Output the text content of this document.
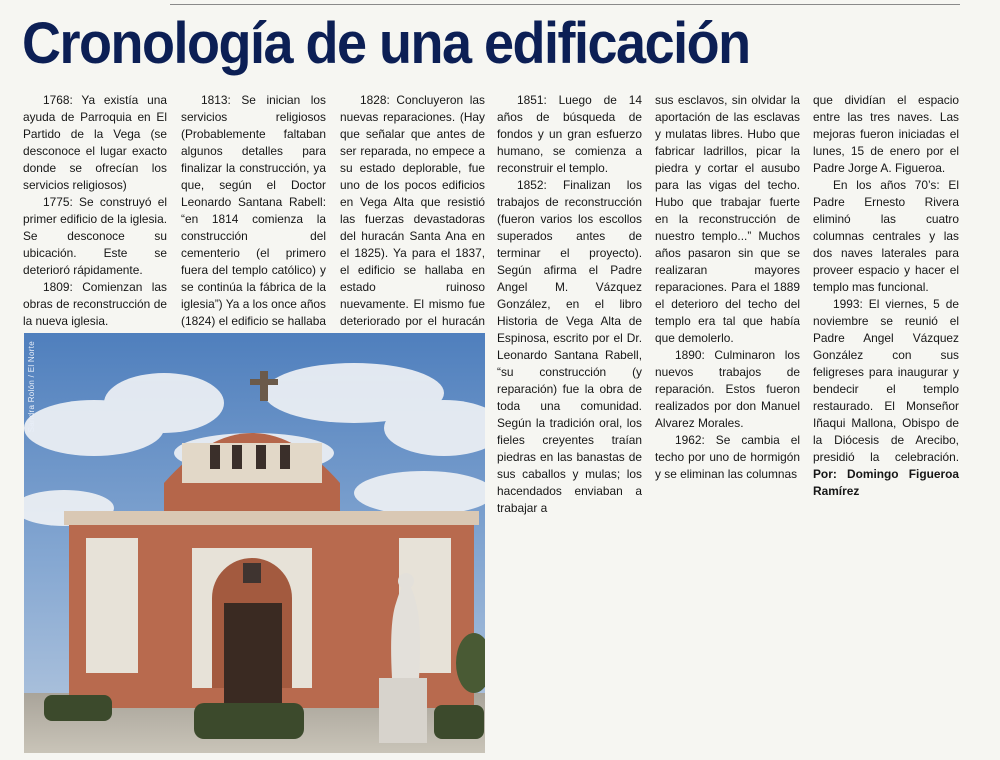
Cronología de una edificación

1768: Ya existía una ayuda de Parroquia en El Partido de la Vega (se desconoce el lugar exacto donde se ofrecían los servicios religiosos)

1775: Se construyó el primer edificio de la iglesia. Se desconoce su ubicación. Este se deterioró rápidamente.

1809: Comienzan las obras de reconstrucción de la nueva iglesia.

1813: Se inician los servicios religiosos (Probablemente faltaban algunos detalles para finalizar la construcción, ya que, según el Doctor Leonardo Santana Rabell: “en 1814 comienza la construcción del cementerio (el primero fuera del templo católico) y se continúa la fábrica de la iglesia”) Ya a los once años (1824) el edificio se hallaba

1828: Concluyeron las nuevas reparaciones. (Hay que señalar que antes de ser reparada, no empece a su estado deplorable, fue uno de los pocos edificios en Vega Alta que resistió las fuerzas devastadoras del huracán Santa Ana en el 1825). Ya para el 1837, el edificio se hallaba en estado ruinoso nuevamente. El mismo fue deteriorado por el huracán

1851: Luego de 14 años de búsqueda de fondos y un gran esfuerzo humano, se comienza a reconstruir el templo.

1852: Finalizan los trabajos de reconstrucción (fueron varios los escollos superados antes de terminar el proyecto). Según afirma el Padre Angel M. Vázquez González, en el libro Historia de Vega Alta de Espinosa, escrito por el Dr. Leonardo Santana Rabell, “su construcción (y reparación) fue la obra de toda una comunidad. Según la tradición oral, los fieles creyentes traían piedras en las banastas de sus caballos y mulas; los hacendados enviaban a trabajar a

sus esclavos, sin olvidar la aportación de las esclavas y mulatas libres. Hubo que fabricar ladrillos, picar la piedra y cortar el ausubo para las vigas del techo. Hubo que trabajar fuerte en la reconstrucción de nuestro templo...” Muchos años pasaron sin que se realizaran mayores reparaciones. Para el 1889 el deterioro del techo del templo era tal que había que demolerlo.

1890: Culminaron los nuevos trabajos de reparación. Estos fueron realizados por don Manuel Alvarez Morales.

1962: Se cambia el techo por uno de hormigón y se eliminan las columnas

que dividían el espacio entre las tres naves. Las mejoras fueron iniciadas el lunes, 15 de enero por el Padre Jorge A. Figueroa.

En los años 70’s: El Padre Ernesto Rivera eliminó las cuatro columnas centrales y las dos naves laterales para proveer espacio y hacer el templo mas funcional.

1993: El viernes, 5 de noviembre se reunió el Padre Angel Vázquez González con sus feligreses para inaugurar y bendecir el templo restaurado. El Monseñor Iñaqui Mallona, Obispo de la Diócesis de Arecibo, presidió la celebración. Por: Domingo Figueroa Ramírez

Sandra Rolón / El Norte
